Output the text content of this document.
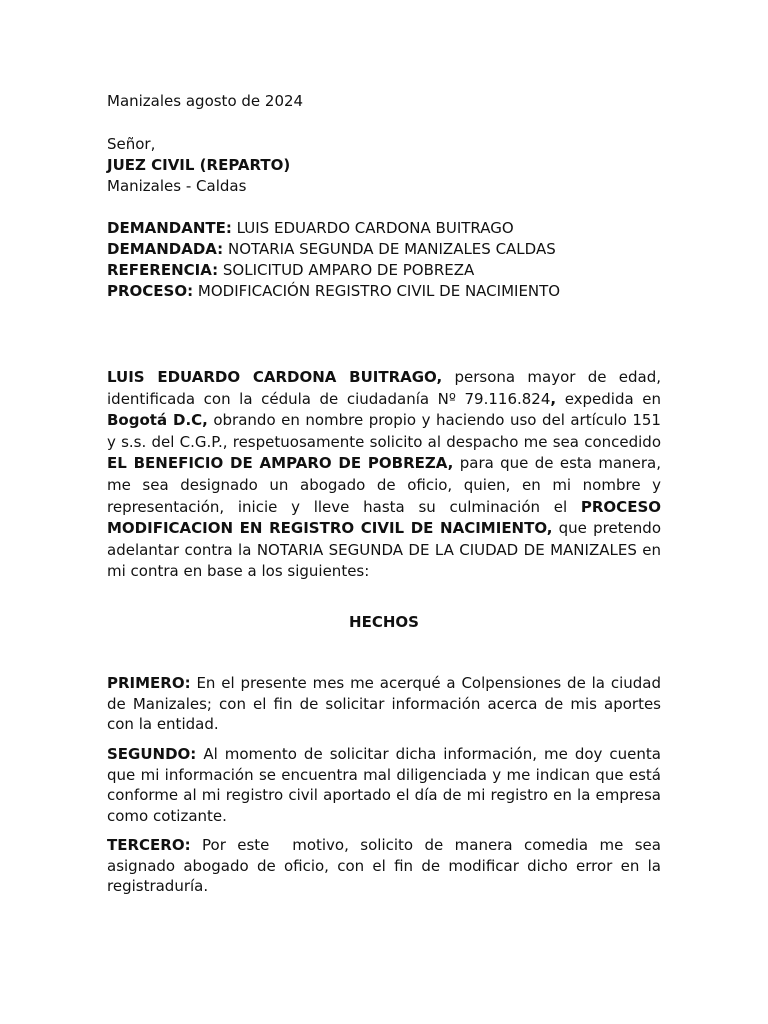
Manizales agosto de 2024

Señor,
JUEZ CIVIL (REPARTO)
Manizales - Caldas
DEMANDANTE: LUIS EDUARDO CARDONA BUITRAGO
DEMANDADA: NOTARIA SEGUNDA DE MANIZALES CALDAS
REFERENCIA: SOLICITUD AMPARO DE POBREZA
PROCESO: MODIFICACIÓN REGISTRO CIVIL DE NACIMIENTO

LUIS EDUARDO CARDONA BUITRAGO, persona mayor de edad, identificada con la cédula de ciudadanía Nº 79.116.824, expedida en Bogotá D.C, obrando en nombre propio y haciendo uso del artículo 151 y s.s. del C.G.P., respetuosamente solicito al despacho me sea concedido EL BENEFICIO DE AMPARO DE POBREZA, para que de esta manera, me sea designado un abogado de oficio, quien, en mi nombre y representación, inicie y lleve hasta su culminación el PROCESO MODIFICACION EN REGISTRO CIVIL DE NACIMIENTO, que pretendo adelantar contra la NOTARIA SEGUNDA DE LA CIUDAD DE MANIZALES en mi contra en base a los siguientes:

HECHOS

PRIMERO: En el presente mes me acerqué a Colpensiones de la ciudad de Manizales; con el fin de solicitar información acerca de mis aportes con la entidad.

SEGUNDO: Al momento de solicitar dicha información, me doy cuenta que mi información se encuentra mal diligenciada y me indican que está conforme al mi registro civil aportado el día de mi registro en la empresa como cotizante.

TERCERO: Por este  motivo, solicito de manera comedia me sea asignado abogado de oficio, con el fin de modificar dicho error en la registraduría.
